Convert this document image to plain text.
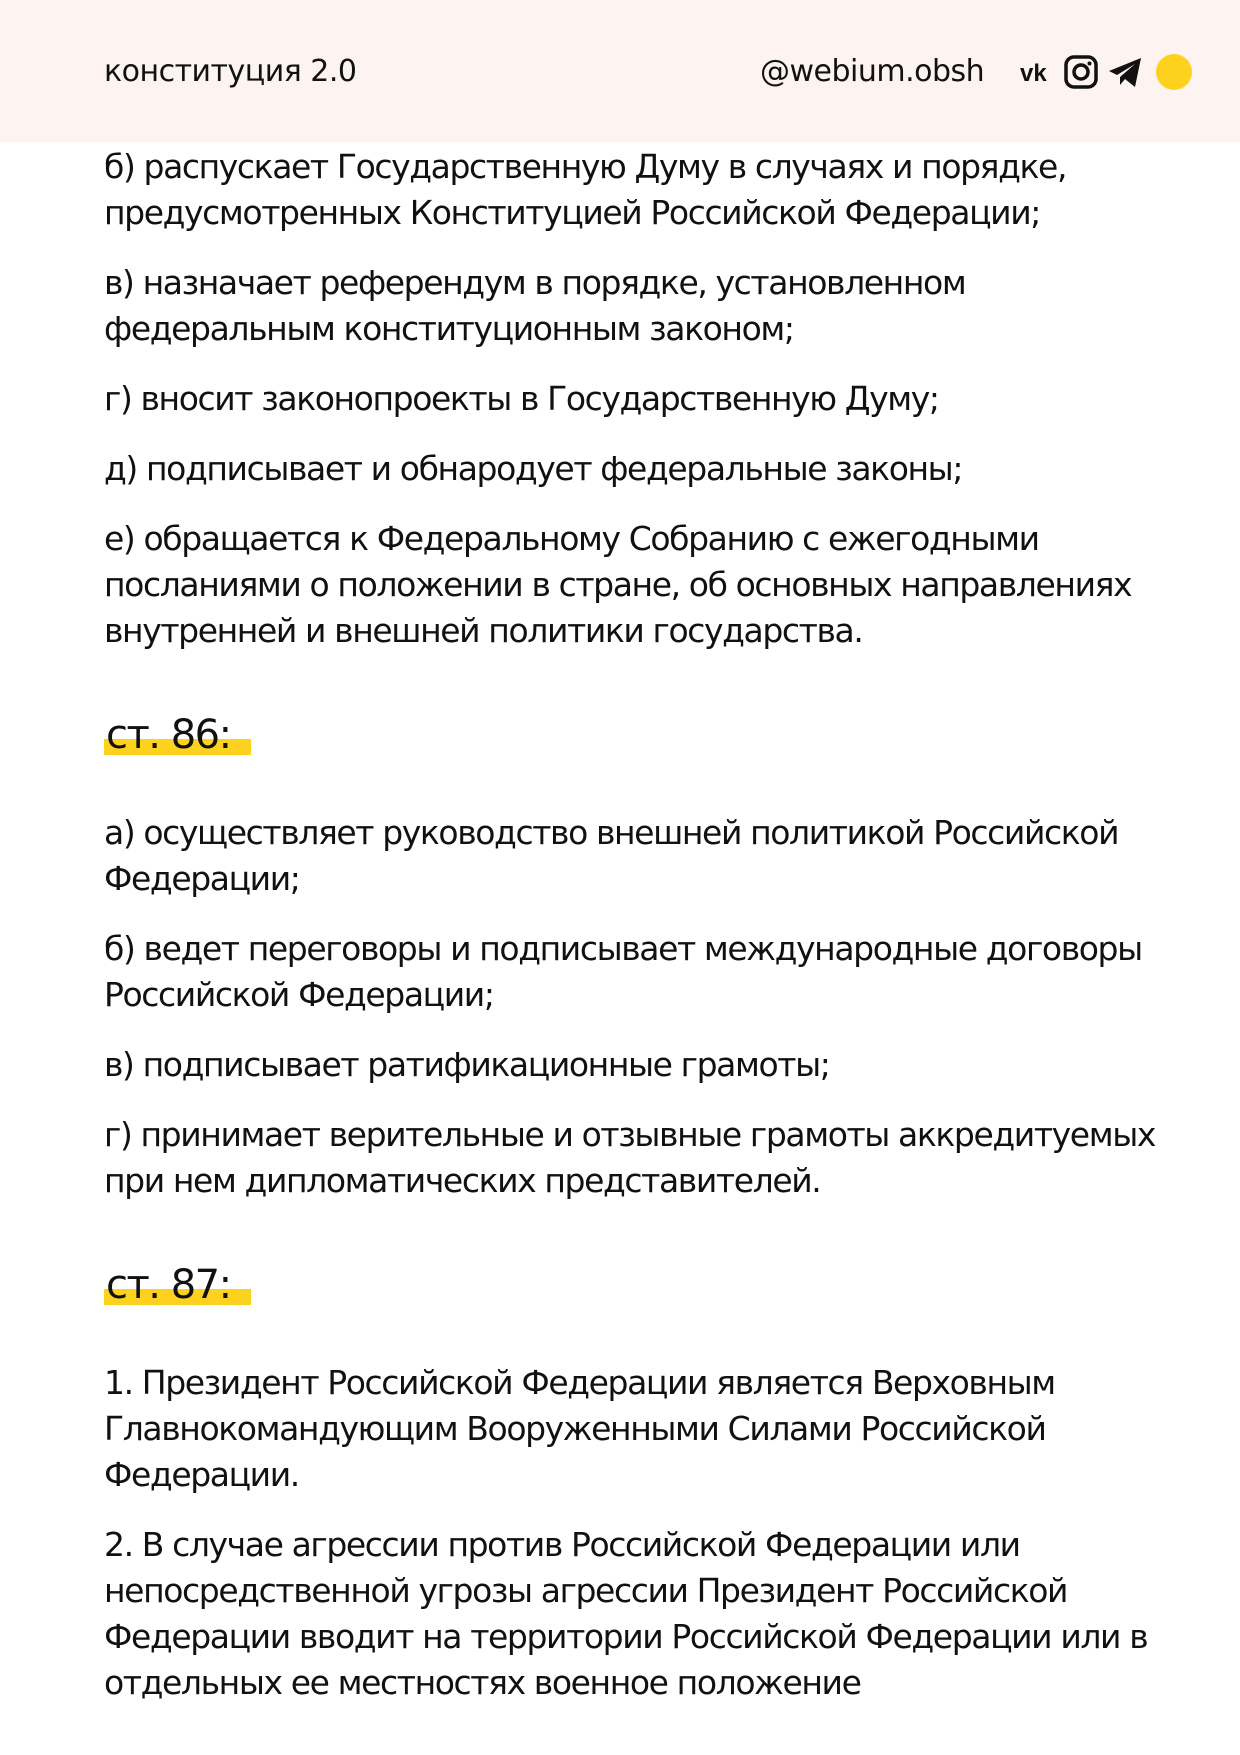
конституция 2.0	@webium.obsh vk

б) распускает Государственную Думу в случаях и порядке, предусмотренных Конституцией Российской Федерации;

в) назначает референдум в порядке, установленном федеральным конституционным законом;

г) вносит законопроекты в Государственную Думу;

д) подписывает и обнародует федеральные законы;

е) обращается к Федеральному Собранию с ежегодными посланиями о положении в стране, об основных направлениях внутренней и внешней политики государства.

ст. 86:

а) осуществляет руководство внешней политикой Российской Федерации;

б) ведет переговоры и подписывает международные договоры Российской Федерации;

в) подписывает ратификационные грамоты;

г) принимает верительные и отзывные грамоты аккредитуемых при нем дипломатических представителей.

ст. 87:

1. Президент Российской Федерации является Верховным Главнокомандующим Вооруженными Силами Российской Федерации.

2. В случае агрессии против Российской Федерации или непосредственной угрозы агрессии Президент Российской Федерации вводит на территории Российской Федерации или в отдельных ее местностях военное положение
